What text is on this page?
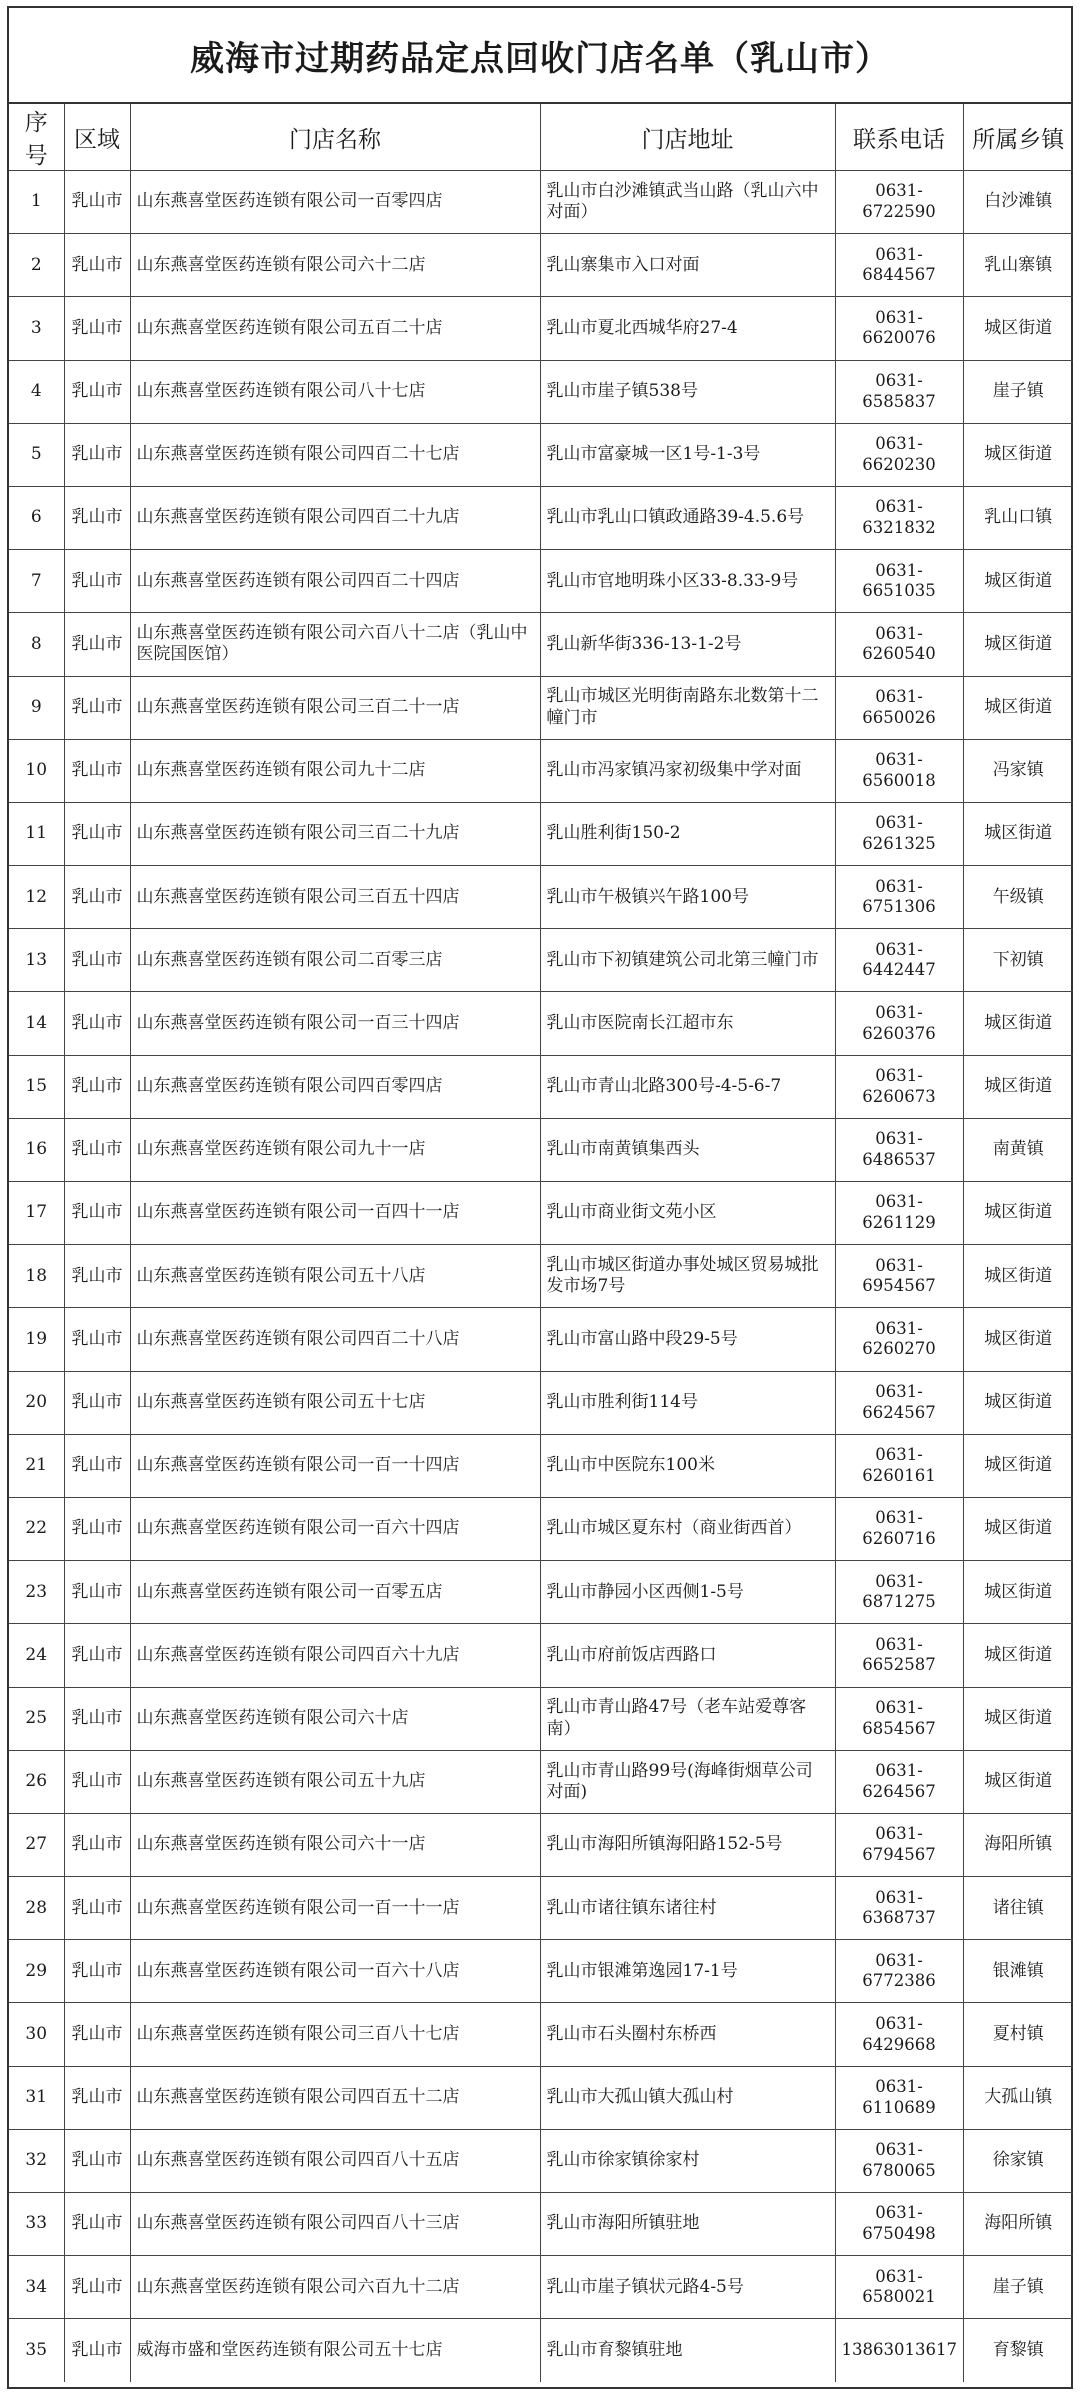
威海市过期药品定点回收门店名单（乳山市）
序号	区域	门店名称	门店地址	联系电话	所属乡镇
1	乳山市	山东燕喜堂医药连锁有限公司一百零四店	乳山市白沙滩镇武当山路（乳山六中对面）	0631-6722590	白沙滩镇
2	乳山市	山东燕喜堂医药连锁有限公司六十二店	乳山寨集市入口对面	0631-6844567	乳山寨镇
3	乳山市	山东燕喜堂医药连锁有限公司五百二十店	乳山市夏北西城华府27-4	0631-6620076	城区街道
4	乳山市	山东燕喜堂医药连锁有限公司八十七店	乳山市崖子镇538号	0631-6585837	崖子镇
5	乳山市	山东燕喜堂医药连锁有限公司四百二十七店	乳山市富豪城一区1号-1-3号	0631-6620230	城区街道
6	乳山市	山东燕喜堂医药连锁有限公司四百二十九店	乳山市乳山口镇政通路39-4.5.6号	0631-6321832	乳山口镇
7	乳山市	山东燕喜堂医药连锁有限公司四百二十四店	乳山市官地明珠小区33-8.33-9号	0631-6651035	城区街道
8	乳山市	山东燕喜堂医药连锁有限公司六百八十二店（乳山中医院国医馆）	乳山新华街336-13-1-2号	0631-6260540	城区街道
9	乳山市	山东燕喜堂医药连锁有限公司三百二十一店	乳山市城区光明街南路东北数第十二幢门市	0631-6650026	城区街道
10	乳山市	山东燕喜堂医药连锁有限公司九十二店	乳山市冯家镇冯家初级集中学对面	0631-6560018	冯家镇
11	乳山市	山东燕喜堂医药连锁有限公司三百二十九店	乳山胜利街150-2	0631-6261325	城区街道
12	乳山市	山东燕喜堂医药连锁有限公司三百五十四店	乳山市午极镇兴午路100号	0631-6751306	午级镇
13	乳山市	山东燕喜堂医药连锁有限公司二百零三店	乳山市下初镇建筑公司北第三幢门市	0631-6442447	下初镇
14	乳山市	山东燕喜堂医药连锁有限公司一百三十四店	乳山市医院南长江超市东	0631-6260376	城区街道
15	乳山市	山东燕喜堂医药连锁有限公司四百零四店	乳山市青山北路300号-4-5-6-7	0631-6260673	城区街道
16	乳山市	山东燕喜堂医药连锁有限公司九十一店	乳山市南黄镇集西头	0631-6486537	南黄镇
17	乳山市	山东燕喜堂医药连锁有限公司一百四十一店	乳山市商业街文苑小区	0631-6261129	城区街道
18	乳山市	山东燕喜堂医药连锁有限公司五十八店	乳山市城区街道办事处城区贸易城批发市场7号	0631-6954567	城区街道
19	乳山市	山东燕喜堂医药连锁有限公司四百二十八店	乳山市富山路中段29-5号	0631-6260270	城区街道
20	乳山市	山东燕喜堂医药连锁有限公司五十七店	乳山市胜利街114号	0631-6624567	城区街道
21	乳山市	山东燕喜堂医药连锁有限公司一百一十四店	乳山市中医院东100米	0631-6260161	城区街道
22	乳山市	山东燕喜堂医药连锁有限公司一百六十四店	乳山市城区夏东村（商业街西首）	0631-6260716	城区街道
23	乳山市	山东燕喜堂医药连锁有限公司一百零五店	乳山市静园小区西侧1-5号	0631-6871275	城区街道
24	乳山市	山东燕喜堂医药连锁有限公司四百六十九店	乳山市府前饭店西路口	0631-6652587	城区街道
25	乳山市	山东燕喜堂医药连锁有限公司六十店	乳山市青山路47号（老车站爱尊客南）	0631-6854567	城区街道
26	乳山市	山东燕喜堂医药连锁有限公司五十九店	乳山市青山路99号(海峰街烟草公司对面)	0631-6264567	城区街道
27	乳山市	山东燕喜堂医药连锁有限公司六十一店	乳山市海阳所镇海阳路152-5号	0631-6794567	海阳所镇
28	乳山市	山东燕喜堂医药连锁有限公司一百一十一店	乳山市诸往镇东诸往村	0631-6368737	诸往镇
29	乳山市	山东燕喜堂医药连锁有限公司一百六十八店	乳山市银滩第逸园17-1号	0631-6772386	银滩镇
30	乳山市	山东燕喜堂医药连锁有限公司三百八十七店	乳山市石头圈村东桥西	0631-6429668	夏村镇
31	乳山市	山东燕喜堂医药连锁有限公司四百五十二店	乳山市大孤山镇大孤山村	0631-6110689	大孤山镇
32	乳山市	山东燕喜堂医药连锁有限公司四百八十五店	乳山市徐家镇徐家村	0631-6780065	徐家镇
33	乳山市	山东燕喜堂医药连锁有限公司四百八十三店	乳山市海阳所镇驻地	0631-6750498	海阳所镇
34	乳山市	山东燕喜堂医药连锁有限公司六百九十二店	乳山市崖子镇状元路4-5号	0631-6580021	崖子镇
35	乳山市	威海市盛和堂医药连锁有限公司五十七店	乳山市育黎镇驻地	13863013617	育黎镇
